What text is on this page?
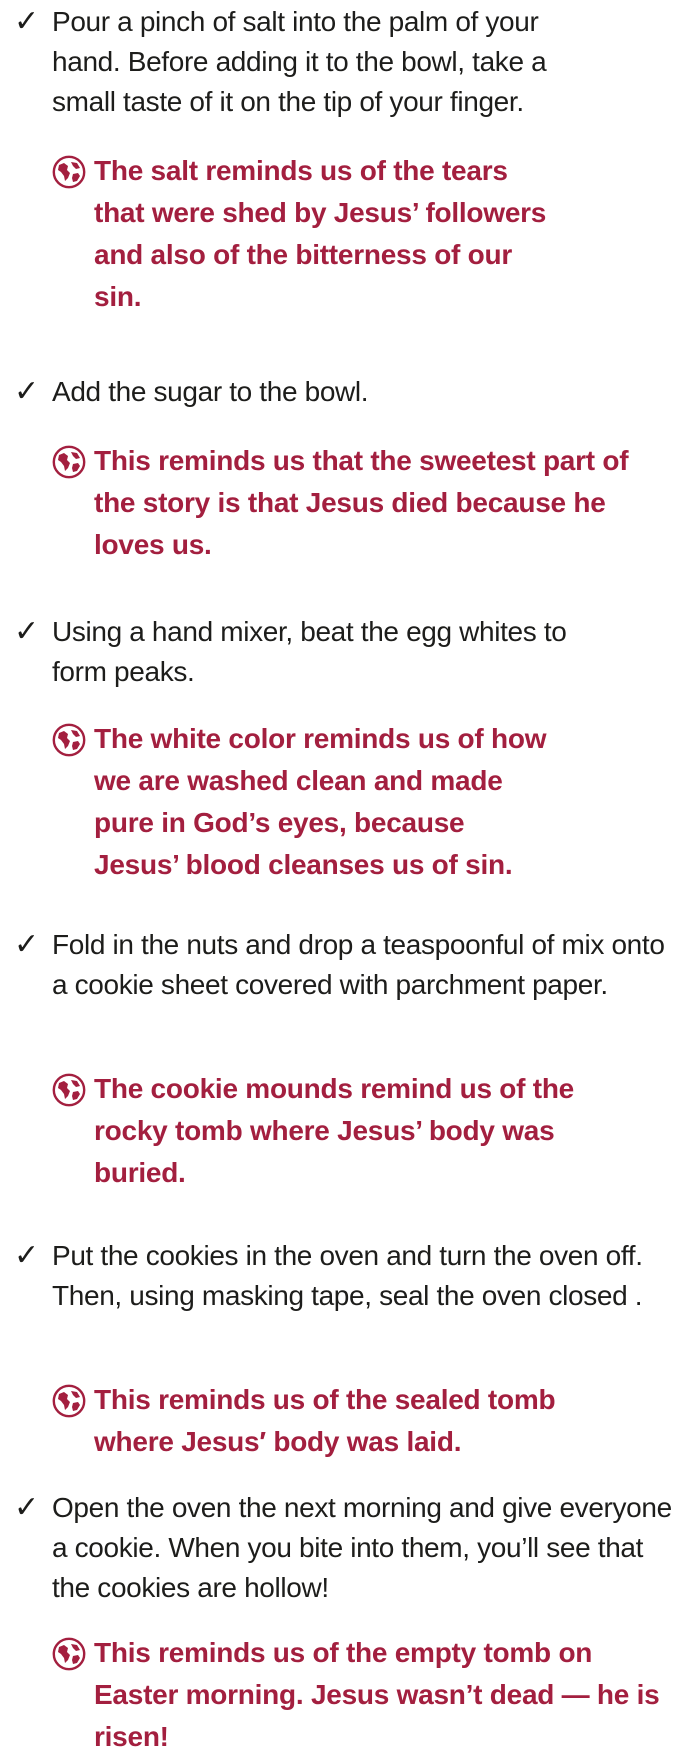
✓ Pour a pinch of salt into the palm of your hand. Before adding it to the bowl, take a small taste of it on the tip of your finger.
The salt reminds us of the tears that were shed by Jesus’ followers and also of the bitterness of our sin.
✓ Add the sugar to the bowl.
This reminds us that the sweetest part of the story is that Jesus died because he loves us.
✓ Using a hand mixer, beat the egg whites to form peaks.
The white color reminds us of how we are washed clean and made pure in God’s eyes, because Jesus’ blood cleanses us of sin.
✓ Fold in the nuts and drop a teaspoonful of mix onto a cookie sheet covered with parchment paper.
The cookie mounds remind us of the rocky tomb where Jesus’ body was buried.
✓ Put the cookies in the oven and turn the oven off. Then, using masking tape, seal the oven closed .
This reminds us of the sealed tomb where Jesus′ body was laid.
✓ Open the oven the next morning and give everyone a cookie. When you bite into them, you’ll see that the cookies are hollow!
This reminds us of the empty tomb on Easter morning. Jesus wasn’t dead — he is risen!
